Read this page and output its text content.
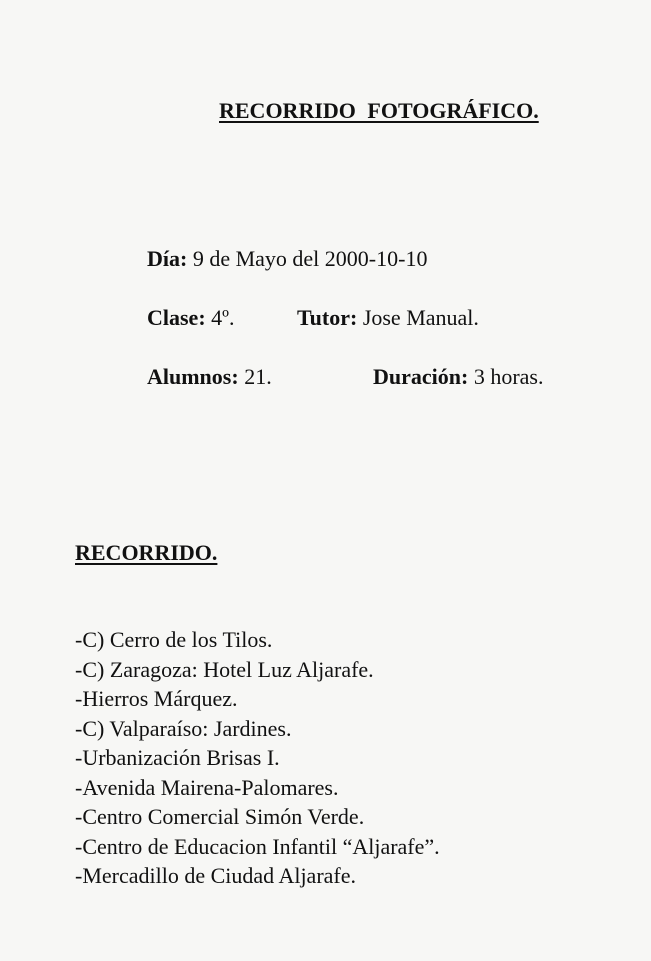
RECORRIDO FOTOGRÁFICO.
Día: 9 de Mayo del 2000-10-10
Clase: 4º.	Tutor: Jose Manual.
Alumnos: 21.	Duración: 3 horas.
RECORRIDO.
-C) Cerro de los Tilos.
-C) Zaragoza: Hotel Luz Aljarafe.
-Hierros Márquez.
-C) Valparaíso: Jardines.
-Urbanización Brisas I.
-Avenida Mairena-Palomares.
-Centro Comercial Simón Verde.
-Centro de Educacion Infantil “Aljarafe”.
-Mercadillo de Ciudad Aljarafe.
